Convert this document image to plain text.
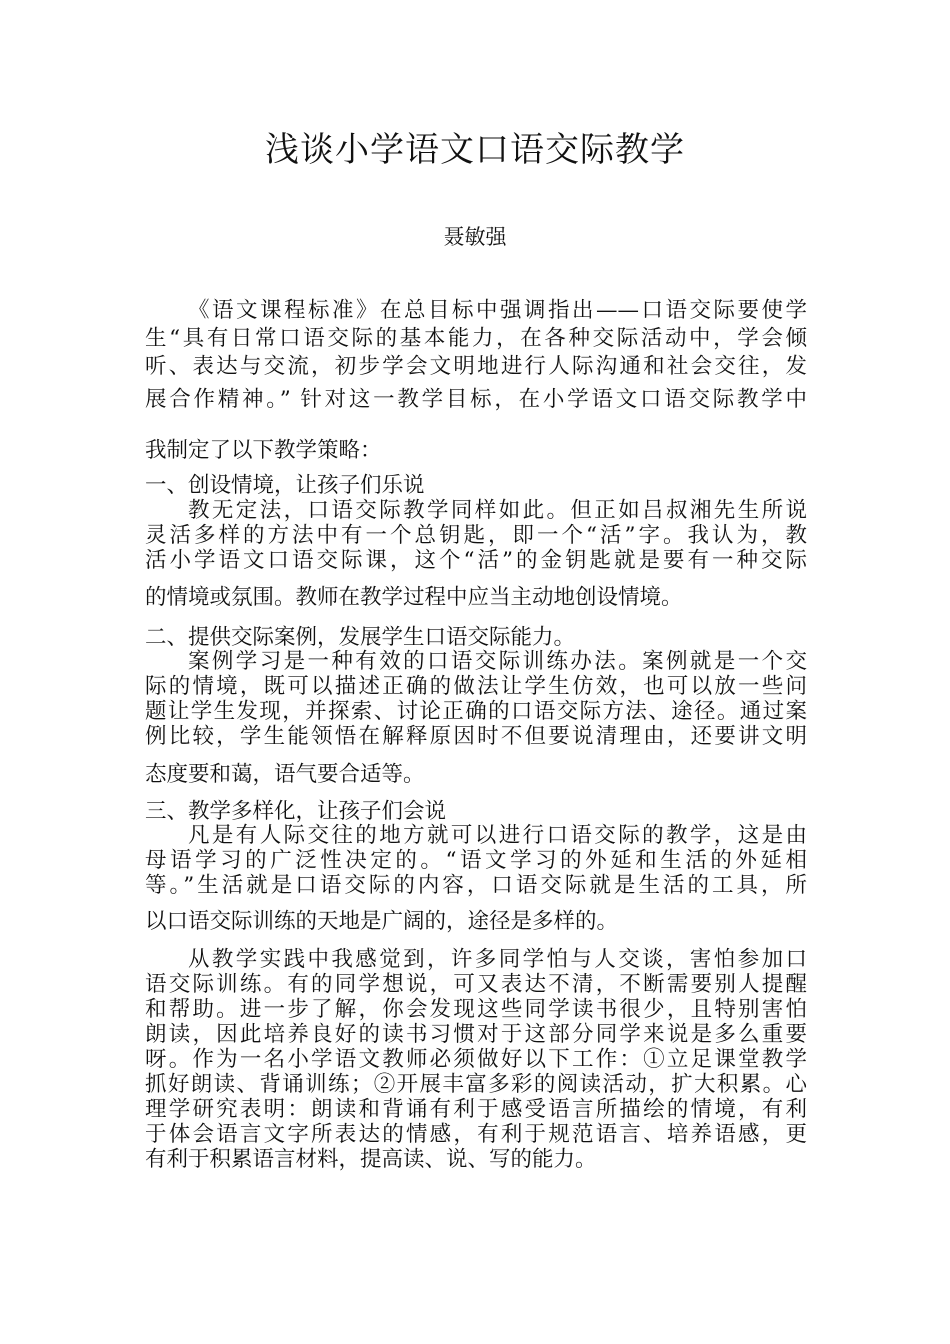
浅谈小学语文口语交际教学
聂敏强
《语文课程标准》在总目标中强调指出——口语交际要使学
生“具有日常口语交际的基本能力，在各种交际活动中，学会倾
听、表达与交流，初步学会文明地进行人际沟通和社会交往，发
展合作精神。” 针对这一教学目标，在小学语文口语交际教学中
我制定了以下教学策略：
一、创设情境，让孩子们乐说
教无定法，口语交际教学同样如此。但正如吕叔湘先生所说
灵活多样的方法中有一个总钥匙，即一个“活”字。我认为，教
活小学语文口语交际课，这个“活”的金钥匙就是要有一种交际
的情境或氛围。教师在教学过程中应当主动地创设情境。
二、提供交际案例，发展学生口语交际能力。
案例学习是一种有效的口语交际训练办法。案例就是一个交
际的情境，既可以描述正确的做法让学生仿效，也可以放一些问
题让学生发现，并探索、讨论正确的口语交际方法、途径。通过案
例比较，学生能领悟在解释原因时不但要说清理由，还要讲文明
态度要和蔼，语气要合适等。
三、教学多样化，让孩子们会说
凡是有人际交往的地方就可以进行口语交际的教学，这是由
母语学习的广泛性决定的。“语文学习的外延和生活的外延相
等。”生活就是口语交际的内容，口语交际就是生活的工具，所
以口语交际训练的天地是广阔的，途径是多样的。
从教学实践中我感觉到，许多同学怕与人交谈，害怕参加口
语交际训练。有的同学想说，可又表达不清，不断需要别人提醒
和帮助。进一步了解，你会发现这些同学读书很少，且特别害怕
朗读，因此培养良好的读书习惯对于这部分同学来说是多么重要
呀。作为一名小学语文教师必须做好以下工作：①立足课堂教学
抓好朗读、背诵训练；②开展丰富多彩的阅读活动，扩大积累。心
理学研究表明：朗读和背诵有利于感受语言所描绘的情境，有利
于体会语言文字所表达的情感，有利于规范语言、培养语感，更
有利于积累语言材料，提高读、说、写的能力。
